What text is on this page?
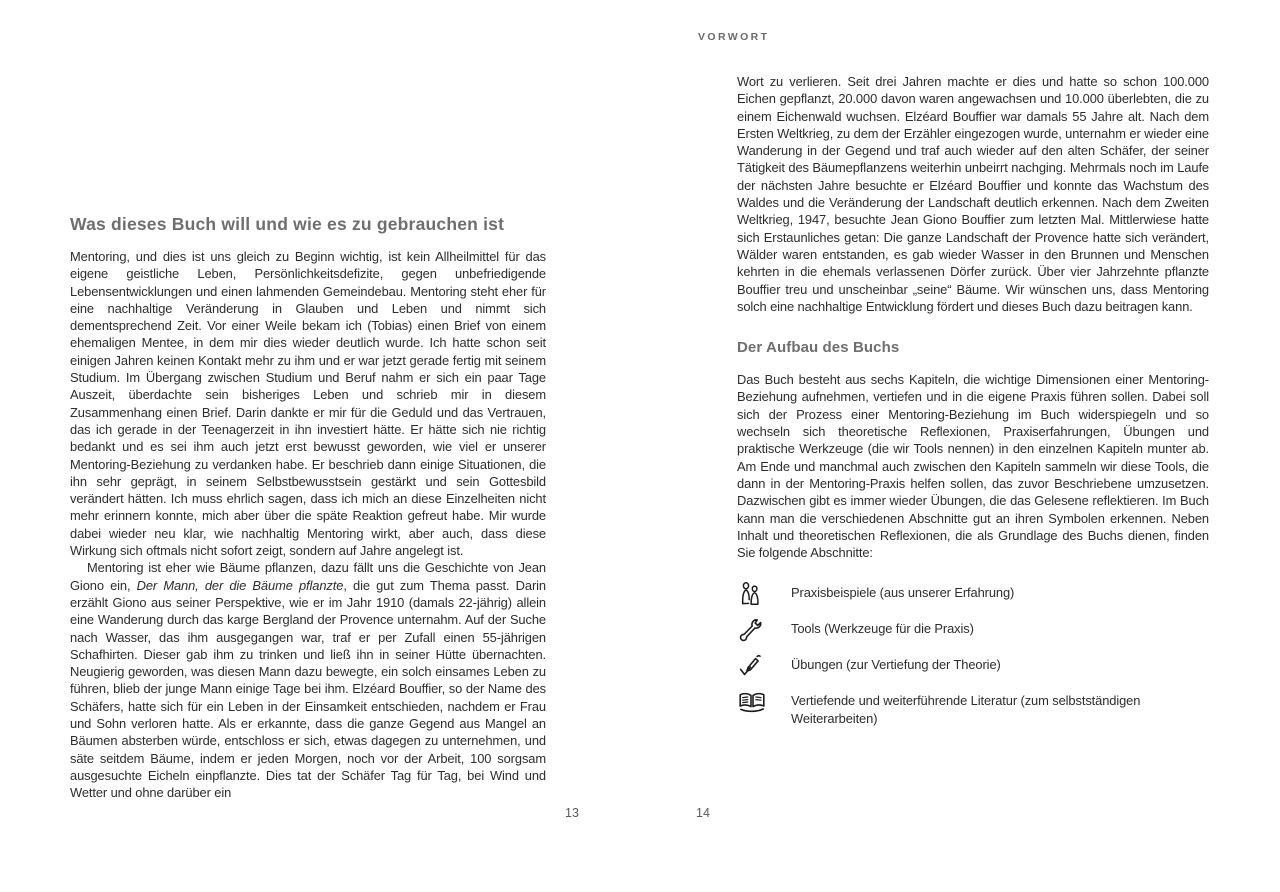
Was dieses Buch will und wie es zu gebrauchen ist

Mentoring, und dies ist uns gleich zu Beginn wichtig, ist kein Allheilmittel für das eigene geistliche Leben, Persönlichkeitsdefizite, gegen unbefriedigende Lebensentwicklungen und einen lahmenden Gemeindebau. Mentoring steht eher für eine nachhaltige Veränderung in Glauben und Leben und nimmt sich dementsprechend Zeit. Vor einer Weile bekam ich (Tobias) einen Brief von einem ehemaligen Mentee, in dem mir dies wieder deutlich wurde. Ich hatte schon seit einigen Jahren keinen Kontakt mehr zu ihm und er war jetzt gerade fertig mit seinem Studium. Im Übergang zwischen Studium und Beruf nahm er sich ein paar Tage Auszeit, überdachte sein bisheriges Leben und schrieb mir in diesem Zusammenhang einen Brief. Darin dankte er mir für die Geduld und das Vertrauen, das ich gerade in der Teenagerzeit in ihn investiert hätte. Er hätte sich nie richtig bedankt und es sei ihm auch jetzt erst bewusst geworden, wie viel er unserer Mentoring-Beziehung zu verdanken habe. Er beschrieb dann einige Situationen, die ihn sehr geprägt, in seinem Selbstbewusstsein gestärkt und sein Gottesbild verändert hätten. Ich muss ehrlich sagen, dass ich mich an diese Einzelheiten nicht mehr erinnern konnte, mich aber über die späte Reaktion gefreut habe. Mir wurde dabei wieder neu klar, wie nachhaltig Mentoring wirkt, aber auch, dass diese Wirkung sich oftmals nicht sofort zeigt, sondern auf Jahre angelegt ist.

Mentoring ist eher wie Bäume pflanzen, dazu fällt uns die Geschichte von Jean Giono ein, Der Mann, der die Bäume pflanzte, die gut zum Thema passt. Darin erzählt Giono aus seiner Perspektive, wie er im Jahr 1910 (damals 22-jährig) allein eine Wanderung durch das karge Bergland der Provence unternahm. Auf der Suche nach Wasser, das ihm ausgegangen war, traf er per Zufall einen 55-jährigen Schafhirten. Dieser gab ihm zu trinken und ließ ihn in seiner Hütte übernachten. Neugierig geworden, was diesen Mann dazu bewegte, ein solch einsames Leben zu führen, blieb der junge Mann einige Tage bei ihm. Elzéard Bouffier, so der Name des Schäfers, hatte sich für ein Leben in der Einsamkeit entschieden, nachdem er Frau und Sohn verloren hatte. Als er erkannte, dass die ganze Gegend aus Mangel an Bäumen absterben würde, entschloss er sich, etwas dagegen zu unternehmen, und säte seitdem Bäume, indem er jeden Morgen, noch vor der Arbeit, 100 sorgsam ausgesuchte Eicheln einpflanzte. Dies tat der Schäfer Tag für Tag, bei Wind und Wetter und ohne darüber ein

13
VORWORT

Wort zu verlieren. Seit drei Jahren machte er dies und hatte so schon 100.000 Eichen gepflanzt, 20.000 davon waren angewachsen und 10.000 überlebten, die zu einem Eichenwald wuchsen. Elzéard Bouffier war damals 55 Jahre alt. Nach dem Ersten Weltkrieg, zu dem der Erzähler eingezogen wurde, unternahm er wieder eine Wanderung in der Gegend und traf auch wieder auf den alten Schäfer, der seiner Tätigkeit des Bäumepflanzens weiterhin unbeirrt nachging. Mehrmals noch im Laufe der nächsten Jahre besuchte er Elzéard Bouffier und konnte das Wachstum des Waldes und die Veränderung der Landschaft deutlich erkennen. Nach dem Zweiten Weltkrieg, 1947, besuchte Jean Giono Bouffier zum letzten Mal. Mittlerwiese hatte sich Erstaunliches getan: Die ganze Landschaft der Provence hatte sich verändert, Wälder waren entstanden, es gab wieder Wasser in den Brunnen und Menschen kehrten in die ehemals verlassenen Dörfer zurück. Über vier Jahrzehnte pflanzte Bouffier treu und unscheinbar „seine“ Bäume. Wir wünschen uns, dass Mentoring solch eine nachhaltige Entwicklung fördert und dieses Buch dazu beitragen kann.

Der Aufbau des Buchs

Das Buch besteht aus sechs Kapiteln, die wichtige Dimensionen einer Mentoring-Beziehung aufnehmen, vertiefen und in die eigene Praxis führen sollen. Dabei soll sich der Prozess einer Mentoring-Beziehung im Buch widerspiegeln und so wechseln sich theoretische Reflexionen, Praxiserfahrungen, Übungen und praktische Werkzeuge (die wir Tools nennen) in den einzelnen Kapiteln munter ab. Am Ende und manchmal auch zwischen den Kapiteln sammeln wir diese Tools, die dann in der Mentoring-Praxis helfen sollen, das zuvor Beschriebene umzusetzen. Dazwischen gibt es immer wieder Übungen, die das Gelesene reflektieren. Im Buch kann man die verschiedenen Abschnitte gut an ihren Symbolen erkennen. Neben Inhalt und theoretischen Reflexionen, die als Grundlage des Buchs dienen, finden Sie folgende Abschnitte:

Praxisbeispiele (aus unserer Erfahrung)
Tools (Werkzeuge für die Praxis)
Übungen (zur Vertiefung der Theorie)
Vertiefende und weiterführende Literatur (zum selbstständigen Weiterarbeiten)
14
